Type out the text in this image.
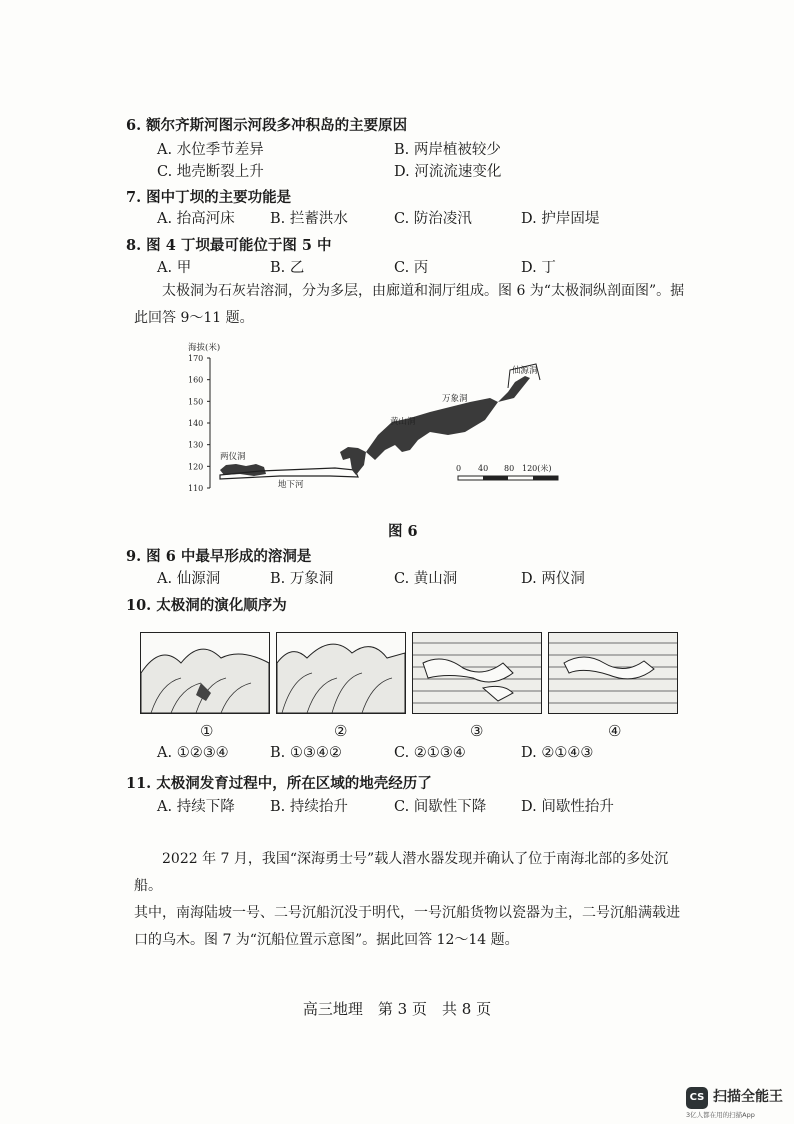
6. 额尔齐斯河图示河段多冲积岛的主要原因
A. 水位季节差异	B. 两岸植被较少
C. 地壳断裂上升	D. 河流流速变化
7. 图中丁坝的主要功能是
A. 抬高河床 B. 拦蓄洪水	C. 防治凌汛	D. 护岸固堤
8. 图 4 丁坝最可能位于图 5 中
A. 甲	B. 乙	C. 丙	D. 丁

太极洞为石灰岩溶洞，分为多层，由廊道和洞厅组成。图 6 为“太极洞纵剖面图”。据

此回答 9～11 题。

海拔(米)
170
160
150
140
130
120
110
两仪洞
地下河
黄山洞
万象洞
仙源洞
0 40 80 120(米)
图 6
9. 图 6 中最早形成的溶洞是
A. 仙源洞	B. 万象洞	C. 黄山洞	D. 两仪洞
10. 太极洞的演化顺序为
①	②	③	④
A. ①②③④	B. ①③④②	C. ②①③④	D. ②①④③
11. 太极洞发育过程中，所在区域的地壳经历了
A. 持续下降 B. 持续抬升	C. 间歇性下降 D. 间歇性抬升

2022 年 7 月，我国“深海勇士号”载人潜水器发现并确认了位于南海北部的多处沉船。

其中，南海陆坡一号、二号沉船沉没于明代，一号沉船货物以瓷器为主，二号沉船满载进

口的乌木。图 7 为“沉船位置示意图”。据此回答 12～14 题。

高三地理　第 3 页　共 8 页
CS 扫描全能王
3亿人都在用的扫描App
